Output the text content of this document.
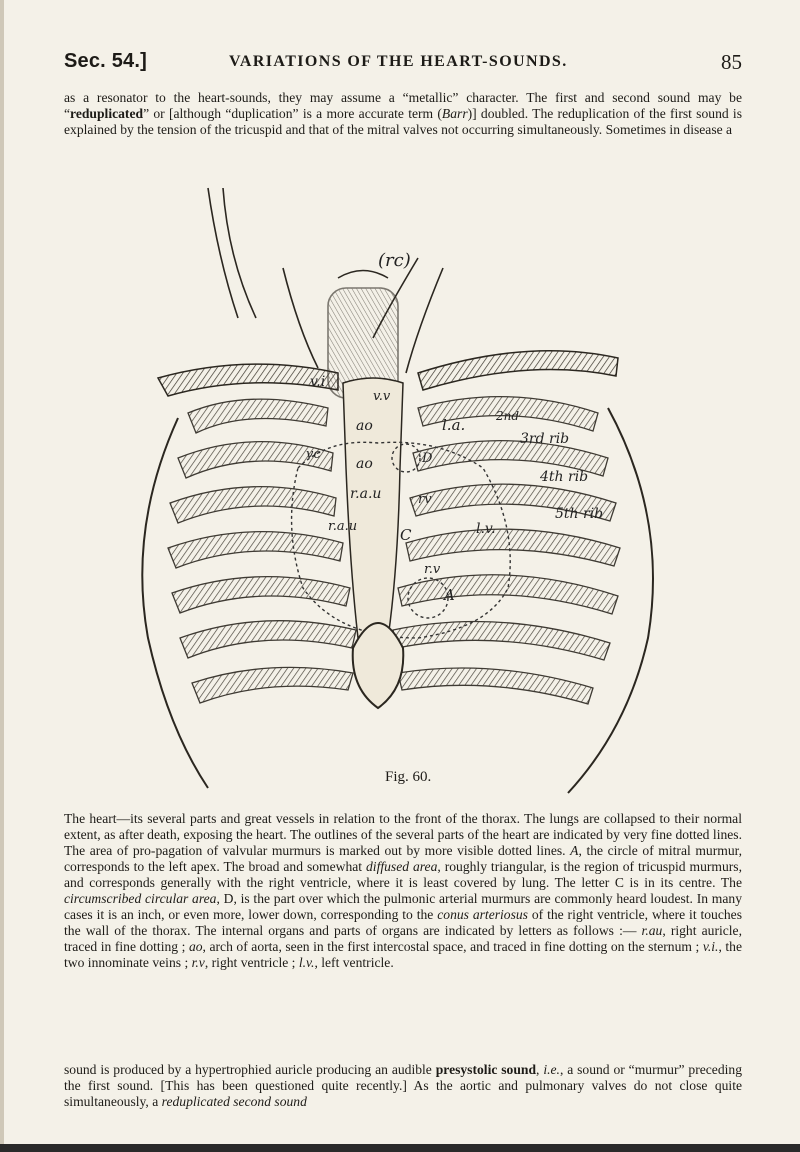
Sec. 54.]	VARIATIONS OF THE HEART-SOUNDS.	85

as a resonator to the heart-sounds, they may assume a “metallic” character. The first and second sound may be “reduplicated” or [although “duplication” is a more accurate term (Barr)] doubled. The reduplication of the first sound is explained by the tension of the tricuspid and that of the mitral valves not occurring simultaneously. Sometimes in disease a

(rc)
v.i
v.v
ao
ao
vc
r.a.u
r.a.u
l.a.	2nd
3rd rib
4th rib
5th rib
C
D
rv
r.v
l.v.
A
Fig. 60.

The heart—its several parts and great vessels in relation to the front of the thorax. The lungs are collapsed to their normal extent, as after death, exposing the heart. The outlines of the several parts of the heart are indicated by very fine dotted lines. The area of pro-pagation of valvular murmurs is marked out by more visible dotted lines. A, the circle of mitral murmur, corresponds to the left apex. The broad and somewhat diffused area, roughly triangular, is the region of tricuspid murmurs, and corresponds generally with the right ventricle, where it is least covered by lung. The letter C is in its centre. The circumscribed circular area, D, is the part over which the pulmonic arterial murmurs are commonly heard loudest. In many cases it is an inch, or even more, lower down, corresponding to the conus arteriosus of the right ventricle, where it touches the wall of the thorax. The internal organs and parts of organs are indicated by letters as follows :— r.au, right auricle, traced in fine dotting ; ao, arch of aorta, seen in the first intercostal space, and traced in fine dotting on the sternum ; v.i., the two innominate veins ; r.v, right ventricle ; l.v., left ventricle.

sound is produced by a hypertrophied auricle producing an audible presystolic sound, i.e., a sound or “murmur” preceding the first sound. [This has been questioned quite recently.] As the aortic and pulmonary valves do not close quite simultaneously, a reduplicated second sound
